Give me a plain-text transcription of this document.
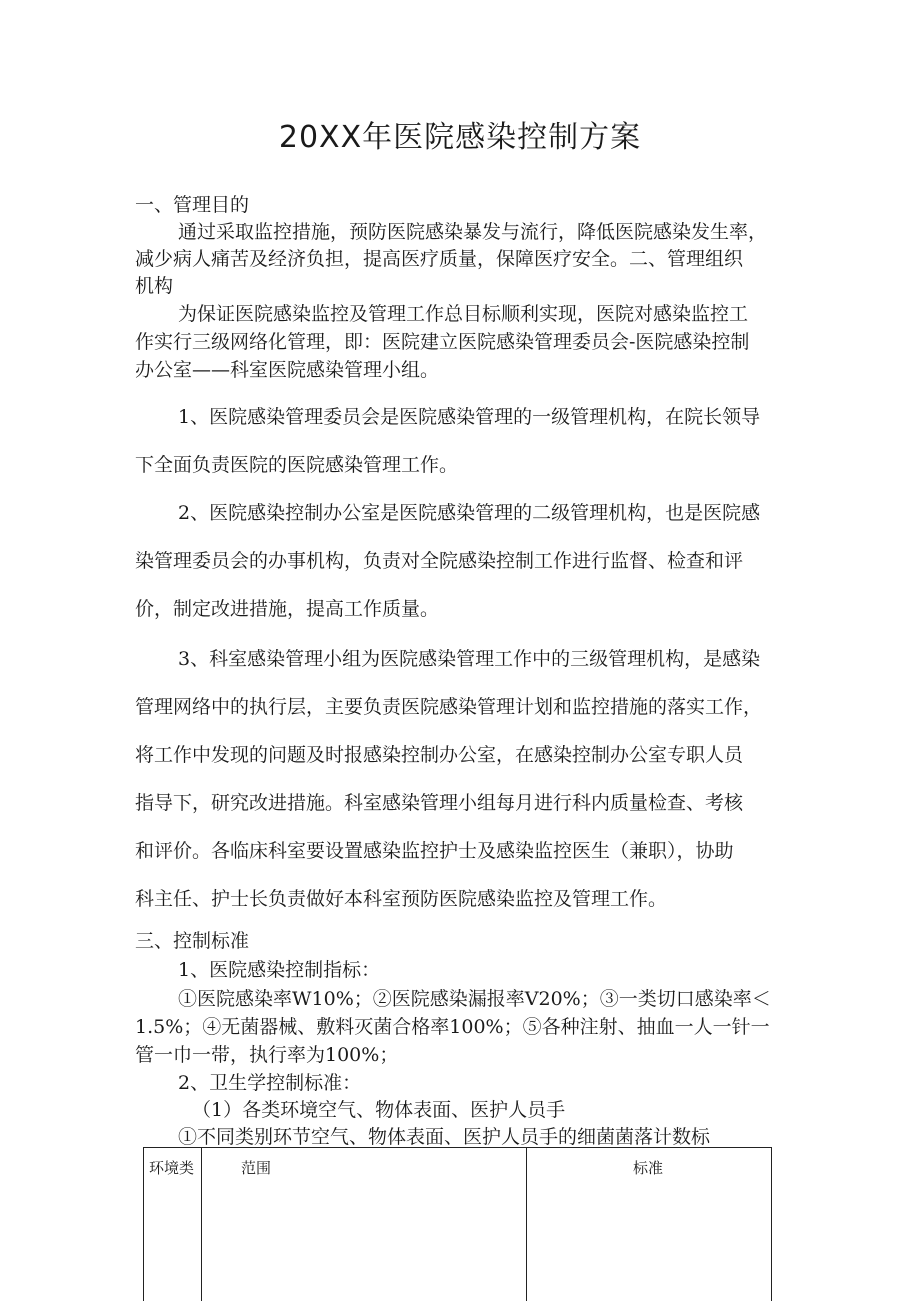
20XX年医院感染控制方案
一、管理目的
通过采取监控措施，预防医院感染暴发与流行，降低医院感染发生率，
减少病人痛苦及经济负担，提高医疗质量，保障医疗安全。二、管理组织
机构
为保证医院感染监控及管理工作总目标顺利实现，医院对感染监控工
作实行三级网络化管理，即：医院建立医院感染管理委员会-医院感染控制
办公室——科室医院感染管理小组。
1、医院感染管理委员会是医院感染管理的一级管理机构，在院长领导
下全面负责医院的医院感染管理工作。
2、医院感染控制办公室是医院感染管理的二级管理机构，也是医院感
染管理委员会的办事机构，负责对全院感染控制工作进行监督、检查和评
价，制定改进措施，提高工作质量。
3、科室感染管理小组为医院感染管理工作中的三级管理机构，是感染
管理网络中的执行层，主要负责医院感染管理计划和监控措施的落实工作，
将工作中发现的问题及时报感染控制办公室，在感染控制办公室专职人员
指导下，研究改进措施。科室感染管理小组每月进行科内质量检查、考核
和评价。各临床科室要设置感染监控护士及感染监控医生（兼职），协助
科主任、护士长负责做好本科室预防医院感染监控及管理工作。
三、控制标准
1、医院感染控制指标：
①医院感染率W10%；②医院感染漏报率V20%；③一类切口感染率＜
1.5%；④无菌器械、敷料灭菌合格率100%；⑤各种注射、抽血一人一针一
管一巾一带，执行率为100%；
2、卫生学控制标准：
（1）各类环境空气、物体表面、医护人员手
①不同类别环节空气、物体表面、医护人员手的细菌菌落计数标
环境类	范围	标准
